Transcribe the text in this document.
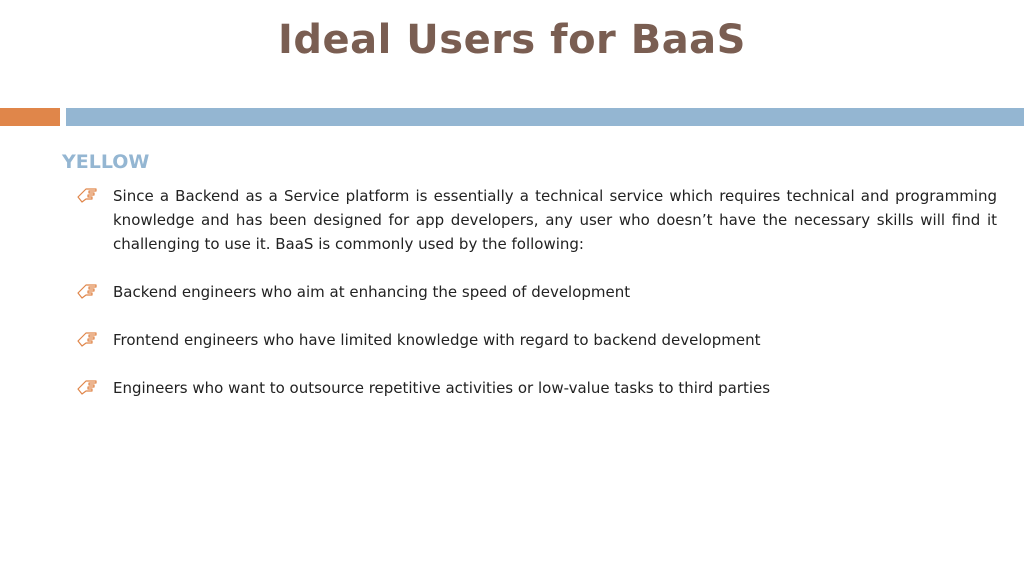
Ideal Users for BaaS
YELLOW
Since a Backend as a Service platform is essentially a technical service which requires technical and programming knowledge and has been designed for app developers, any user who doesn’t have the necessary skills will find it challenging to use it. BaaS is commonly used by the following:
Backend engineers who aim at enhancing the speed of development
Frontend engineers who have limited knowledge with regard to backend development
Engineers who want to outsource repetitive activities or low-value tasks to third parties
